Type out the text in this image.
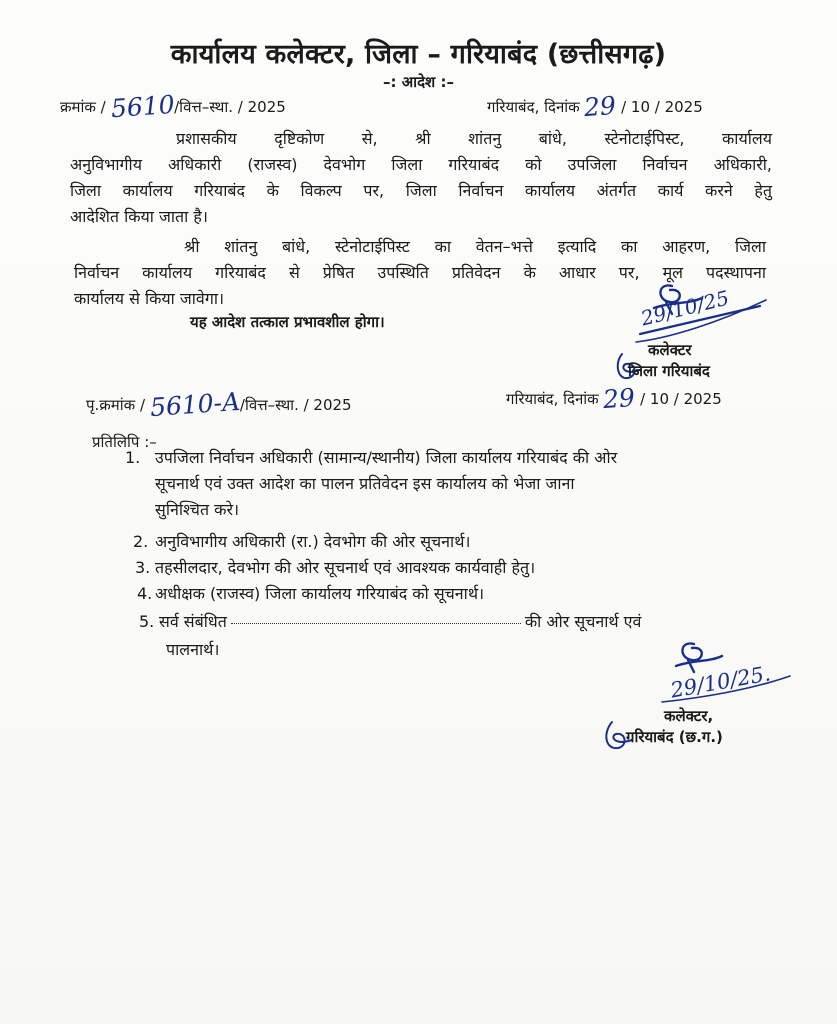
कार्यालय कलेक्टर, जिला – गरियाबंद (छत्तीसगढ़)
–: आदेश :–
क्रमांक / 5610/वित्त–स्था. / 2025	गरियाबंद, दिनांक 29 / 10 / 2025
प्रशासकीय दृष्टिकोण से, श्री शांतनु बांधे, स्टेनोटाईपिस्ट, कार्यालय
अनुविभागीय अधिकारी (राजस्व) देवभोग जिला गरियाबंद को उपजिला निर्वाचन अधिकारी,
जिला कार्यालय गरियाबंद के विकल्प पर, जिला निर्वाचन कार्यालय अंतर्गत कार्य करने हेतु
आदेशित किया जाता है।
श्री शांतनु बांधे, स्टेनोटाईपिस्ट का वेतन–भत्ते इत्यादि का आहरण, जिला
निर्वाचन कार्यालय गरियाबंद से प्रेषित उपस्थिति प्रतिवेदन के आधार पर, मूल पदस्थापना
कार्यालय से किया जावेगा।
यह आदेश तत्काल प्रभावशील होगा।	29/10/25
कलेक्टर
जिला गरियाबंद
पृ.क्रमांक / 5610-A/वित्त–स्था. / 2025	गरियाबंद, दिनांक 29 / 10 / 2025
प्रतिलिपि :–
1. उपजिला निर्वाचन अधिकारी (सामान्य/स्थानीय) जिला कार्यालय गरियाबंद की ओर
सूचनार्थ एवं उक्त आदेश का पालन प्रतिवेदन इस कार्यालय को भेजा जाना
सुनिश्चित करे।
2. अनुविभागीय अधिकारी (रा.) देवभोग की ओर सूचनार्थ।
3. तहसीलदार, देवभोग की ओर सूचनार्थ एवं आवश्यक कार्यवाही हेतु।
4. अधीक्षक (राजस्व) जिला कार्यालय गरियाबंद को सूचनार्थ।
5. सर्व संबंधित	की ओर सूचनार्थ एवं
पालनार्थ।
29/10/25.
कलेक्टर,
गरियाबंद (छ.ग.)
